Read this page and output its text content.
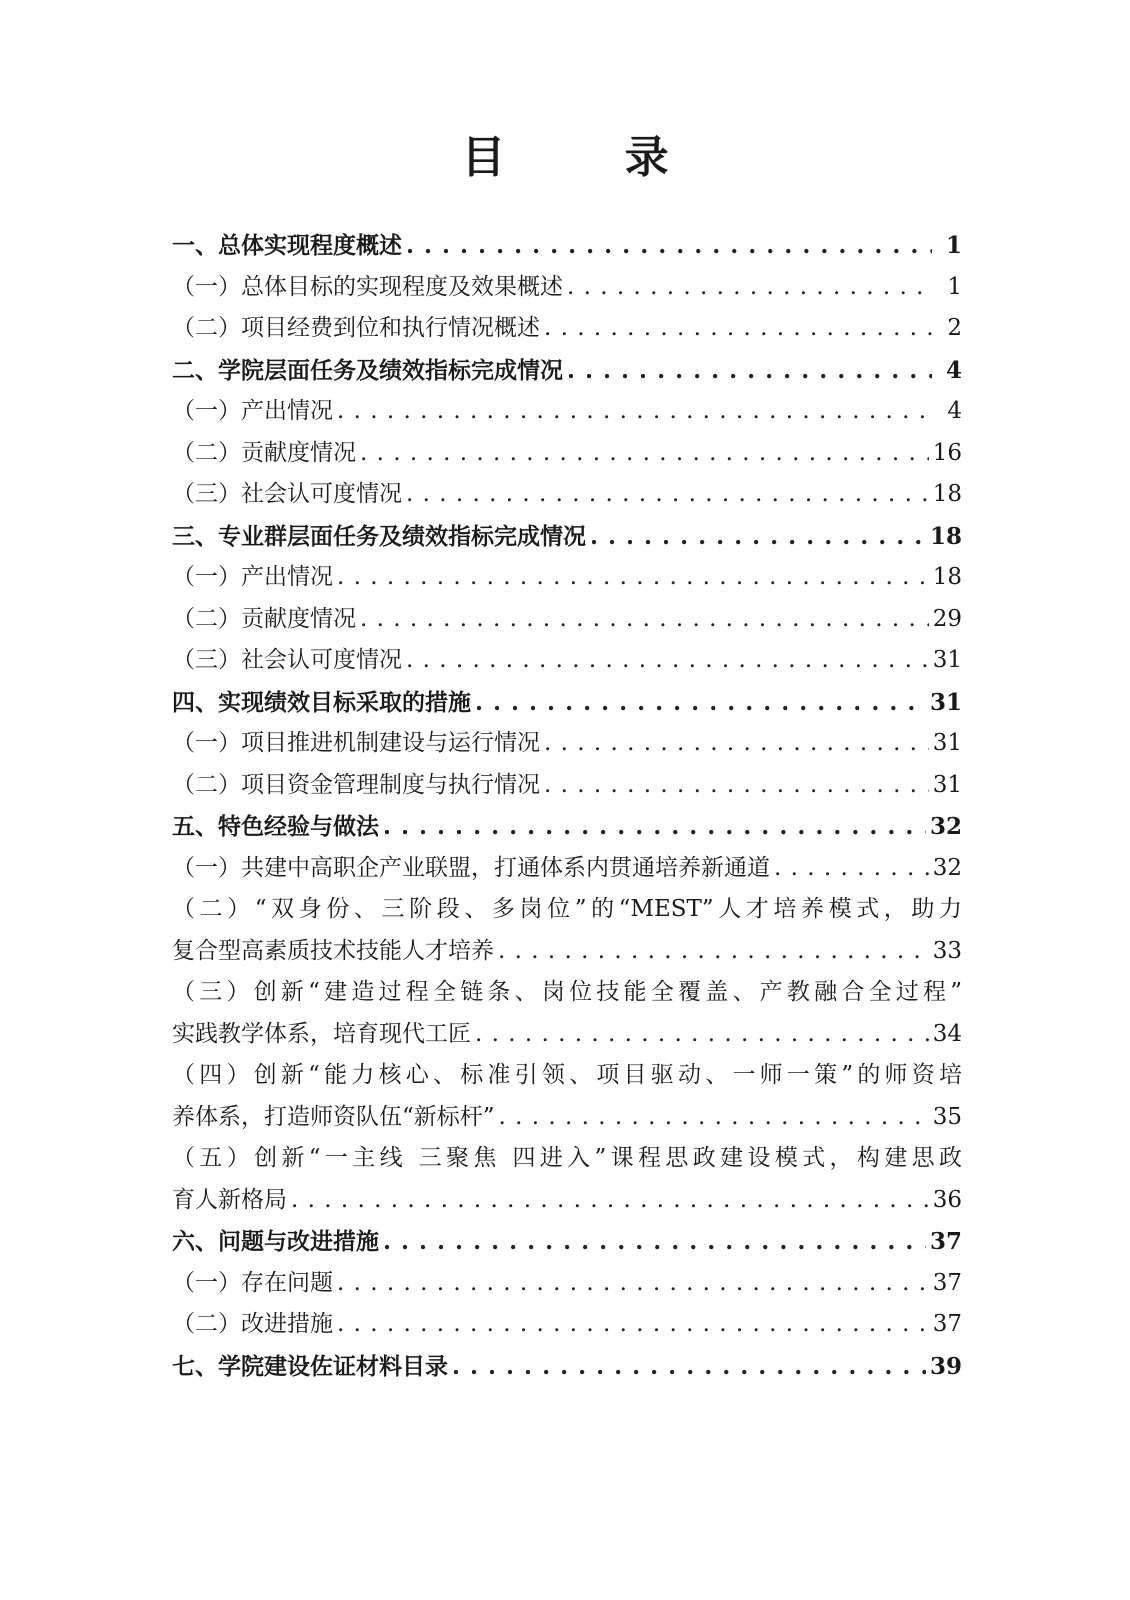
目 录
一、总体实现程度概述 . . .	1
（一）总体目标的实现程度及效果概述 . . .	1
（二）项目经费到位和执行情况概述 . . .	2
二、学院层面任务及绩效指标完成情况 . . .	4
（一）产出情况 . . .	4
（二）贡献度情况 . . .	16
（三）社会认可度情况 . . .	18
三、专业群层面任务及绩效指标完成情况 . . .	18
（一）产出情况 . . .	18
（二）贡献度情况 . . .	29
（三）社会认可度情况 . . .	31
四、实现绩效目标采取的措施 . . .	31
（一）项目推进机制建设与运行情况 . . .	31
（二）项目资金管理制度与执行情况 . . .	31
五、特色经验与做法 . . .	32
（一）共建中高职企产业联盟，打通体系内贯通培养新通道 . . .	32
（二）“双身份、三阶段、多岗位”的“MEST”人才培养模式，助力
复合型高素质技术技能人才培养 . . .	33
（三）创新“建造过程全链条、岗位技能全覆盖、产教融合全过程”
实践教学体系，培育现代工匠 . . .	34
（四）创新“能力核心、标准引领、项目驱动、一师一策”的师资培
养体系，打造师资队伍“新标杆” . . .	35
（五）创新“一主线 三聚焦 四进入”课程思政建设模式，构建思政
育人新格局 . . .	36
六、问题与改进措施 . . .	37
（一）存在问题 . . .	37
（二）改进措施 . . .	37
七、学院建设佐证材料目录 . . .	39
